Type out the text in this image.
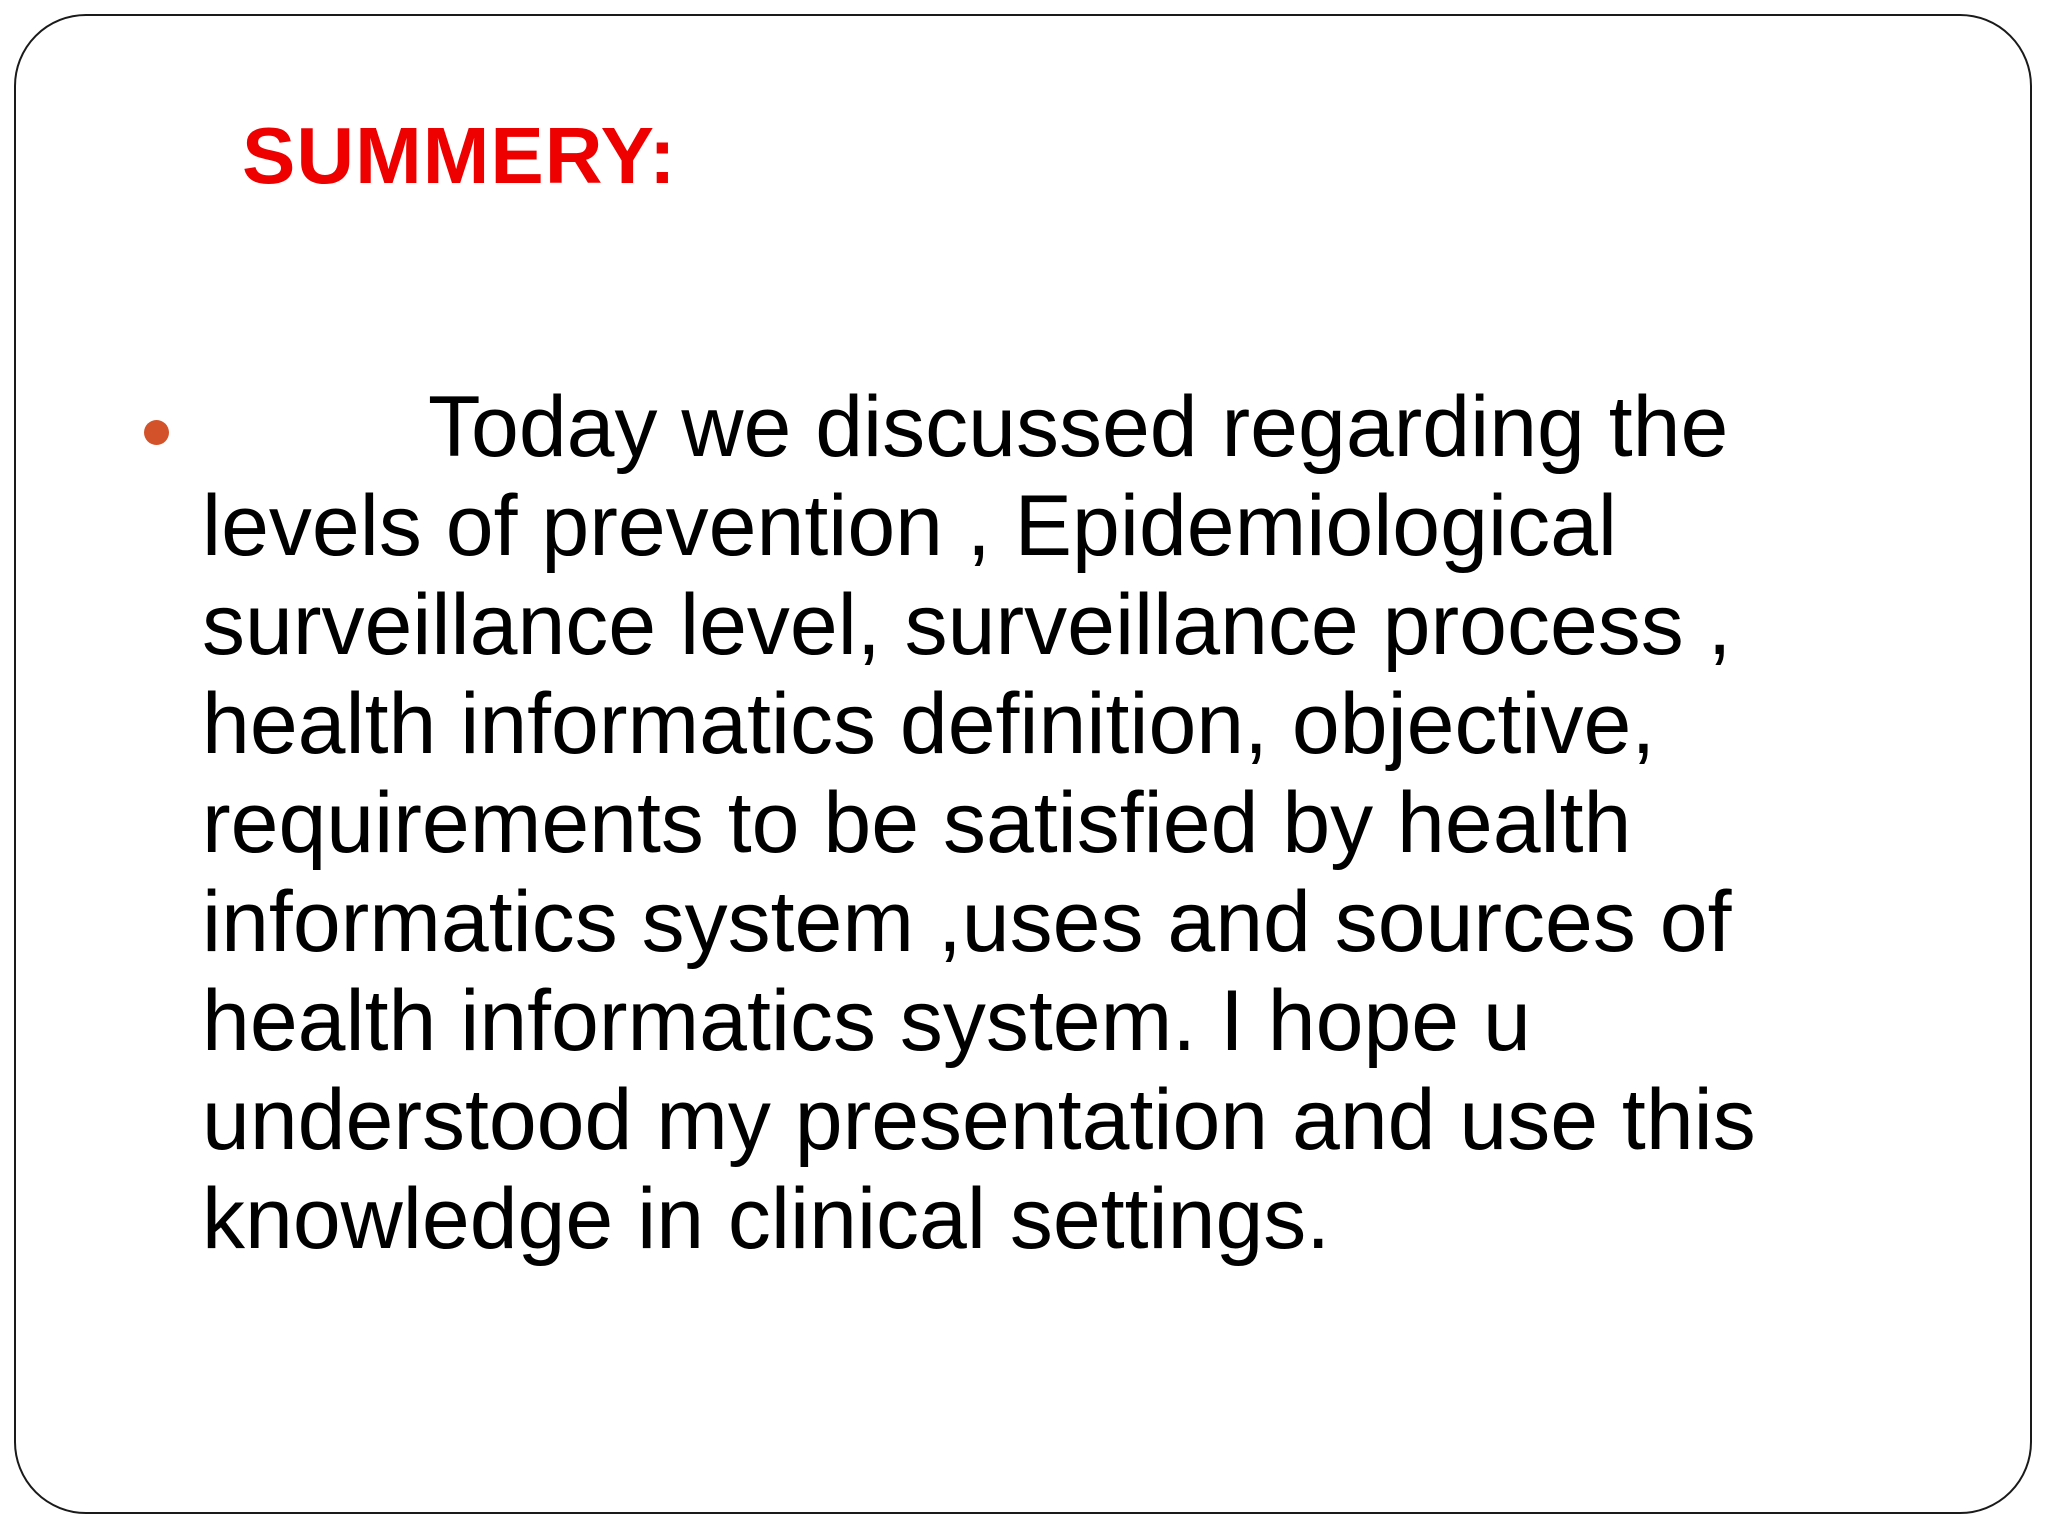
SUMMERY:
Today we discussed regarding the
levels of prevention , Epidemiological
surveillance level, surveillance process ,
health informatics definition, objective,
requirements to be satisfied by health
informatics system ,uses and sources of
health informatics system. I hope u
understood my presentation and use this
knowledge in clinical settings.
